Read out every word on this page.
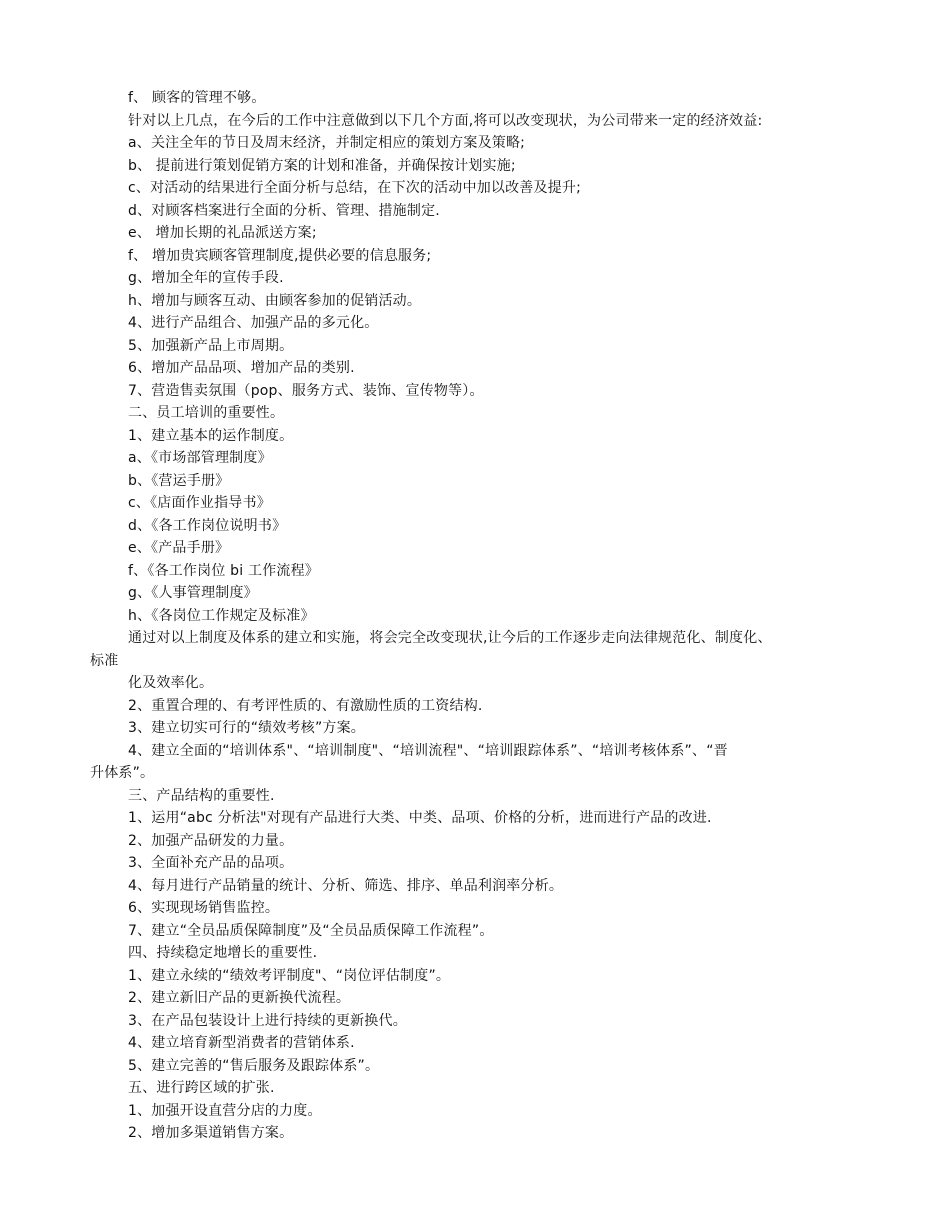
f、 顾客的管理不够。
针对以上几点，在今后的工作中注意做到以下几个方面,将可以改变现状，为公司带来一定的经济效益:
a、关注全年的节日及周末经济，并制定相应的策划方案及策略;
b、 提前进行策划促销方案的计划和准备，并确保按计划实施;
c、对活动的结果进行全面分析与总结，在下次的活动中加以改善及提升;
d、对顾客档案进行全面的分析、管理、措施制定.
e、 增加长期的礼品派送方案;
f、 增加贵宾顾客管理制度,提供必要的信息服务;
g、增加全年的宣传手段.
h、增加与顾客互动、由顾客参加的促销活动。
4、进行产品组合、加强产品的多元化。
5、加强新产品上市周期。
6、增加产品品项、增加产品的类别.
7、营造售卖氛围（pop、服务方式、装饰、宣传物等）。
二、员工培训的重要性。
1、建立基本的运作制度。
a、《市场部管理制度》
b、《营运手册》
c、《店面作业指导书》
d、《各工作岗位说明书》
e、《产品手册》
f、《各工作岗位 bi 工作流程》
g、《人事管理制度》
h、《各岗位工作规定及标准》
通过对以上制度及体系的建立和实施，将会完全改变现状,让今后的工作逐步走向法律规范化、制度化、
标准
化及效率化。
2、重置合理的、有考评性质的、有激励性质的工资结构.
3、建立切实可行的“绩效考核”方案。
4、建立全面的“培训体系"、“培训制度"、“培训流程"、“培训跟踪体系”、“培训考核体系”、“晋
升体系”。
三、产品结构的重要性.
1、运用“abc 分析法"对现有产品进行大类、中类、品项、价格的分析，进而进行产品的改进.
2、加强产品研发的力量。
3、全面补充产品的品项。
4、每月进行产品销量的统计、分析、筛选、排序、单品利润率分析。
6、实现现场销售监控。
7、建立“全员品质保障制度”及“全员品质保障工作流程”。
四、持续稳定地增长的重要性.
1、建立永续的“绩效考评制度"、“岗位评估制度”。
2、建立新旧产品的更新换代流程。
3、在产品包装设计上进行持续的更新换代。
4、建立培育新型消费者的营销体系.
5、建立完善的“售后服务及跟踪体系”。
五、进行跨区域的扩张.
1、加强开设直营分店的力度。
2、增加多渠道销售方案。
